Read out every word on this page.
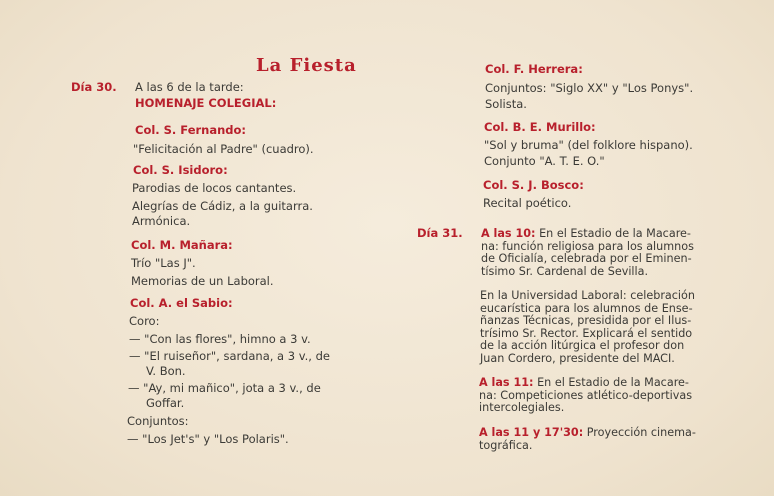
La Fiesta
Día 30. A las 6 de la tarde:
HOMENAJE COLEGIAL:
Col. S. Fernando:
"Felicitación al Padre" (cuadro).
Col. S. Isidoro:
Parodias de locos cantantes.
Alegrías de Cádiz, a la guitarra.
Armónica.
Col. M. Mañara:
Trío "Las J".
Memorias de un Laboral.
Col. A. el Sabio:
Coro:
— "Con las flores", himno a 3 v.
— "El ruiseñor", sardana, a 3 v., de
V. Bon.
— "Ay, mi mañico", jota a 3 v., de
Goffar.
Conjuntos:
— "Los Jet's" y "Los Polaris".
Col. F. Herrera:
Conjuntos: "Siglo XX" y "Los Ponys".
Solista.
Col. B. E. Murillo:
"Sol y bruma" (del folklore hispano).
Conjunto "A. T. E. O."
Col. S. J. Bosco:
Recital poético.
Día 31. A las 10: En el Estadio de la Macare-
na: función religiosa para los alumnos
de Oficialía, celebrada por el Eminen-
tísimo Sr. Cardenal de Sevilla.
En la Universidad Laboral: celebración
eucarística para los alumnos de Ense-
ñanzas Técnicas, presidida por el Ilus-
trísimo Sr. Rector. Explicará el sentido
de la acción litúrgica el profesor don
Juan Cordero, presidente del MACI.
A las 11: En el Estadio de la Macare-
na: Competiciones atlético-deportivas
intercolegiales.
A las 11 y 17'30: Proyección cinema-
tográfica.
